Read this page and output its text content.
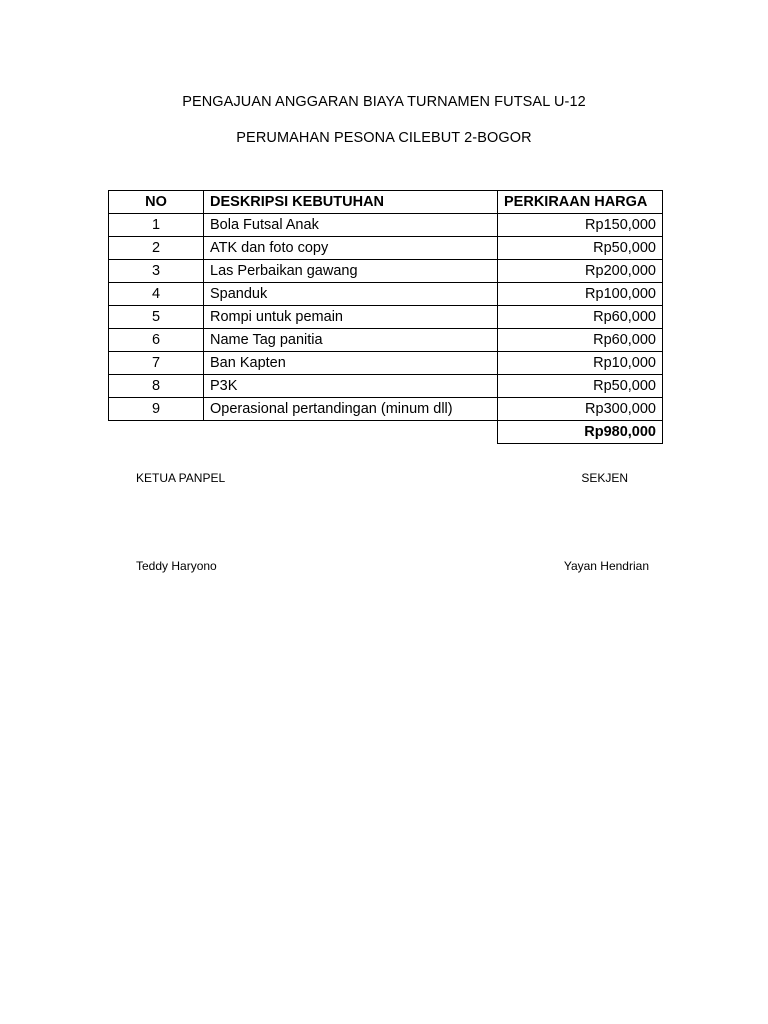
PENGAJUAN ANGGARAN BIAYA TURNAMEN FUTSAL U-12
PERUMAHAN PESONA CILEBUT 2-BOGOR
NO	DESKRIPSI KEBUTUHAN	PERKIRAAN HARGA
1	Bola Futsal Anak	Rp150,000
2	ATK dan foto copy	Rp50,000
3	Las Perbaikan gawang	Rp200,000
4	Spanduk	Rp100,000
5	Rompi untuk pemain	Rp60,000
6	Name Tag panitia	Rp60,000
7	Ban Kapten	Rp10,000
8	P3K	Rp50,000
9	Operasional pertandingan (minum dll)	Rp300,000
		Rp980,000
KETUA PANPEL	SEKJEN
Teddy Haryono	Yayan Hendrian
